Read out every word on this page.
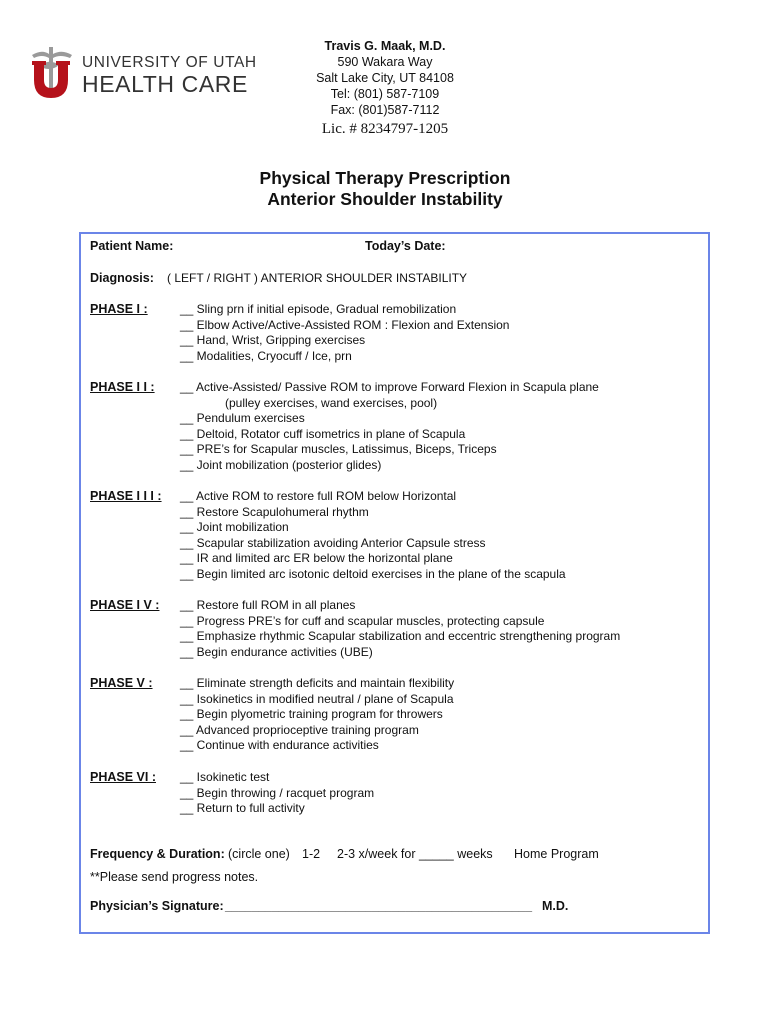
UNIVERSITY OF UTAH
HEALTH CARE
Travis G. Maak, M.D.
590 Wakara Way
Salt Lake City, UT 84108
Tel: (801) 587-7109
Fax: (801)587-7112
Lic. # 8234797-1205
Physical Therapy Prescription
Anterior Shoulder Instability
Patient Name:	Today’s Date:
Diagnosis: ( LEFT / RIGHT ) ANTERIOR SHOULDER INSTABILITY
PHASE I :	__ Sling prn if initial episode, Gradual remobilization
__ Elbow Active/Active-Assisted ROM : Flexion and Extension
__ Hand, Wrist, Gripping exercises
__ Modalities, Cryocuff / Ice, prn
PHASE I I : __ Active-Assisted/ Passive ROM to improve Forward Flexion in Scapula plane
(pulley exercises, wand exercises, pool)
__ Pendulum exercises
__ Deltoid, Rotator cuff isometrics in plane of Scapula
__ PRE’s for Scapular muscles, Latissimus, Biceps, Triceps
__ Joint mobilization (posterior glides)
PHASE I I I : __ Active ROM to restore full ROM below Horizontal
__ Restore Scapulohumeral rhythm
__ Joint mobilization
__ Scapular stabilization avoiding Anterior Capsule stress
__ IR and limited arc ER below the horizontal plane
__ Begin limited arc isotonic deltoid exercises in the plane of the scapula
PHASE I V : __ Restore full ROM in all planes
__ Progress PRE’s for cuff and scapular muscles, protecting capsule
__ Emphasize rhythmic Scapular stabilization and eccentric strengthening program
__ Begin endurance activities (UBE)
PHASE V : __ Eliminate strength deficits and maintain flexibility
__ Isokinetics in modified neutral / plane of Scapula
__ Begin plyometric training program for throwers
__ Advanced proprioceptive training program
__ Continue with endurance activities
PHASE VI : __ Isokinetic test
__ Begin throwing / racquet program
__ Return to full activity
Frequency & Duration: (circle one) 1-2 2-3 x/week for _____ weeks Home Program
**Please send progress notes.
Physician’s Signature: ______________________________________________ M.D.
